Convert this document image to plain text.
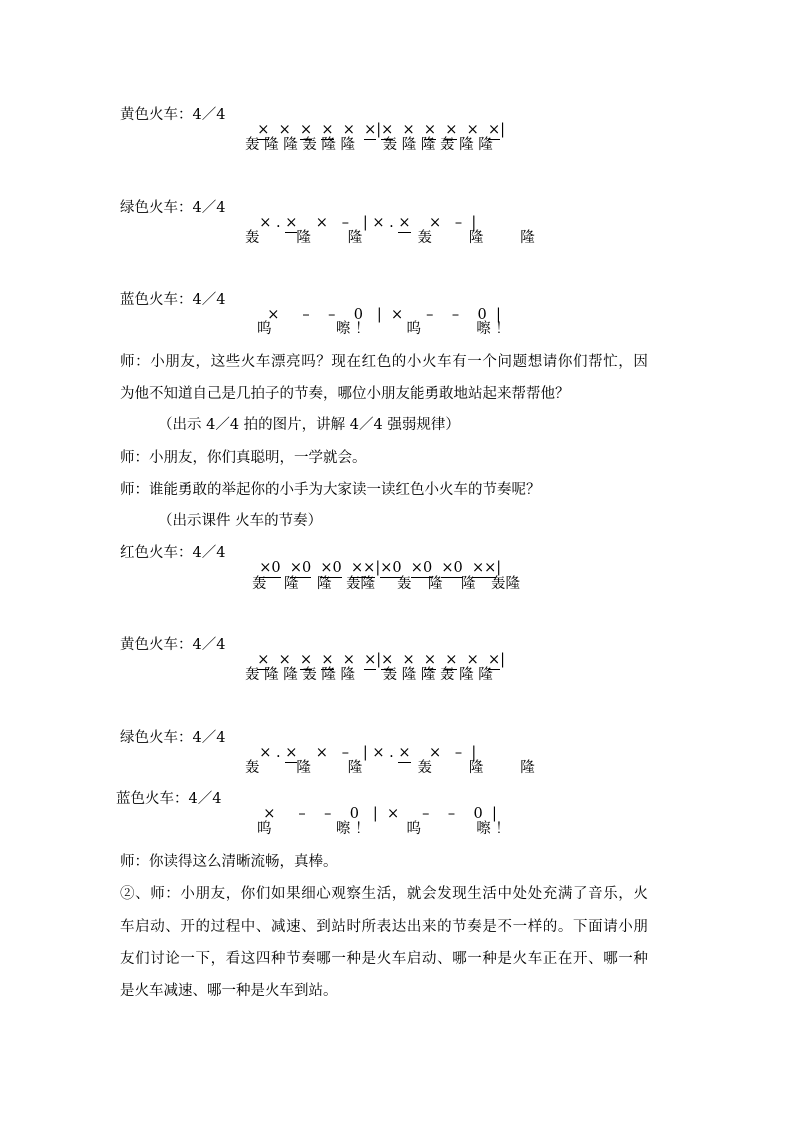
黄色火车：4／4

× × × × × ×|× × × × × ×|

轰 隆 隆 轰 隆 隆      轰 隆 隆 轰 隆 隆
绿色火车：4／4

× . × × – | × . × × – |

轰        隆        隆            轰        隆        隆
蓝色火车：4／4

× – – 0 | × – – 0 |

呜              嚓 ！        呜            嚓 ！
师：小朋友，这些火车漂亮吗？现在红色的小火车有一个问题想请你们帮忙，因
为他不知道自己是几拍子的节奏，哪位小朋友能勇敢地站起来帮帮他？
（出示 4／4 拍的图片，讲解 4／4 强弱规律）
师：小朋友，你们真聪明，一学就会。
师：谁能勇敢的举起你的小手为大家读一读红色小火车的节奏呢？
（出示课件 火车的节奏）
红色火车：4／4

×0 ×0 ×0 ××|×0 ×0 ×0 ××|

轰 隆 隆 轰隆 轰 隆 隆 轰隆
黄色火车：4／4

× × × × × ×|× × × × × ×|

轰 隆 隆 轰 隆 隆      轰 隆 隆 轰 隆 隆
绿色火车：4／4

× . × × – | × . × × – |

轰        隆        隆            轰        隆        隆
蓝色火车：4／4

× – – 0 | × – – 0 |

呜              嚓 ！        呜            嚓 ！
师：你读得这么清晰流畅，真棒。
②、师：小朋友，你们如果细心观察生活，就会发现生活中处处充满了音乐，火
车启动、开的过程中、减速、到站时所表达出来的节奏是不一样的。下面请小朋
友们讨论一下，看这四种节奏哪一种是火车启动、哪一种是火车正在开、哪一种
是火车减速、哪一种是火车到站。
